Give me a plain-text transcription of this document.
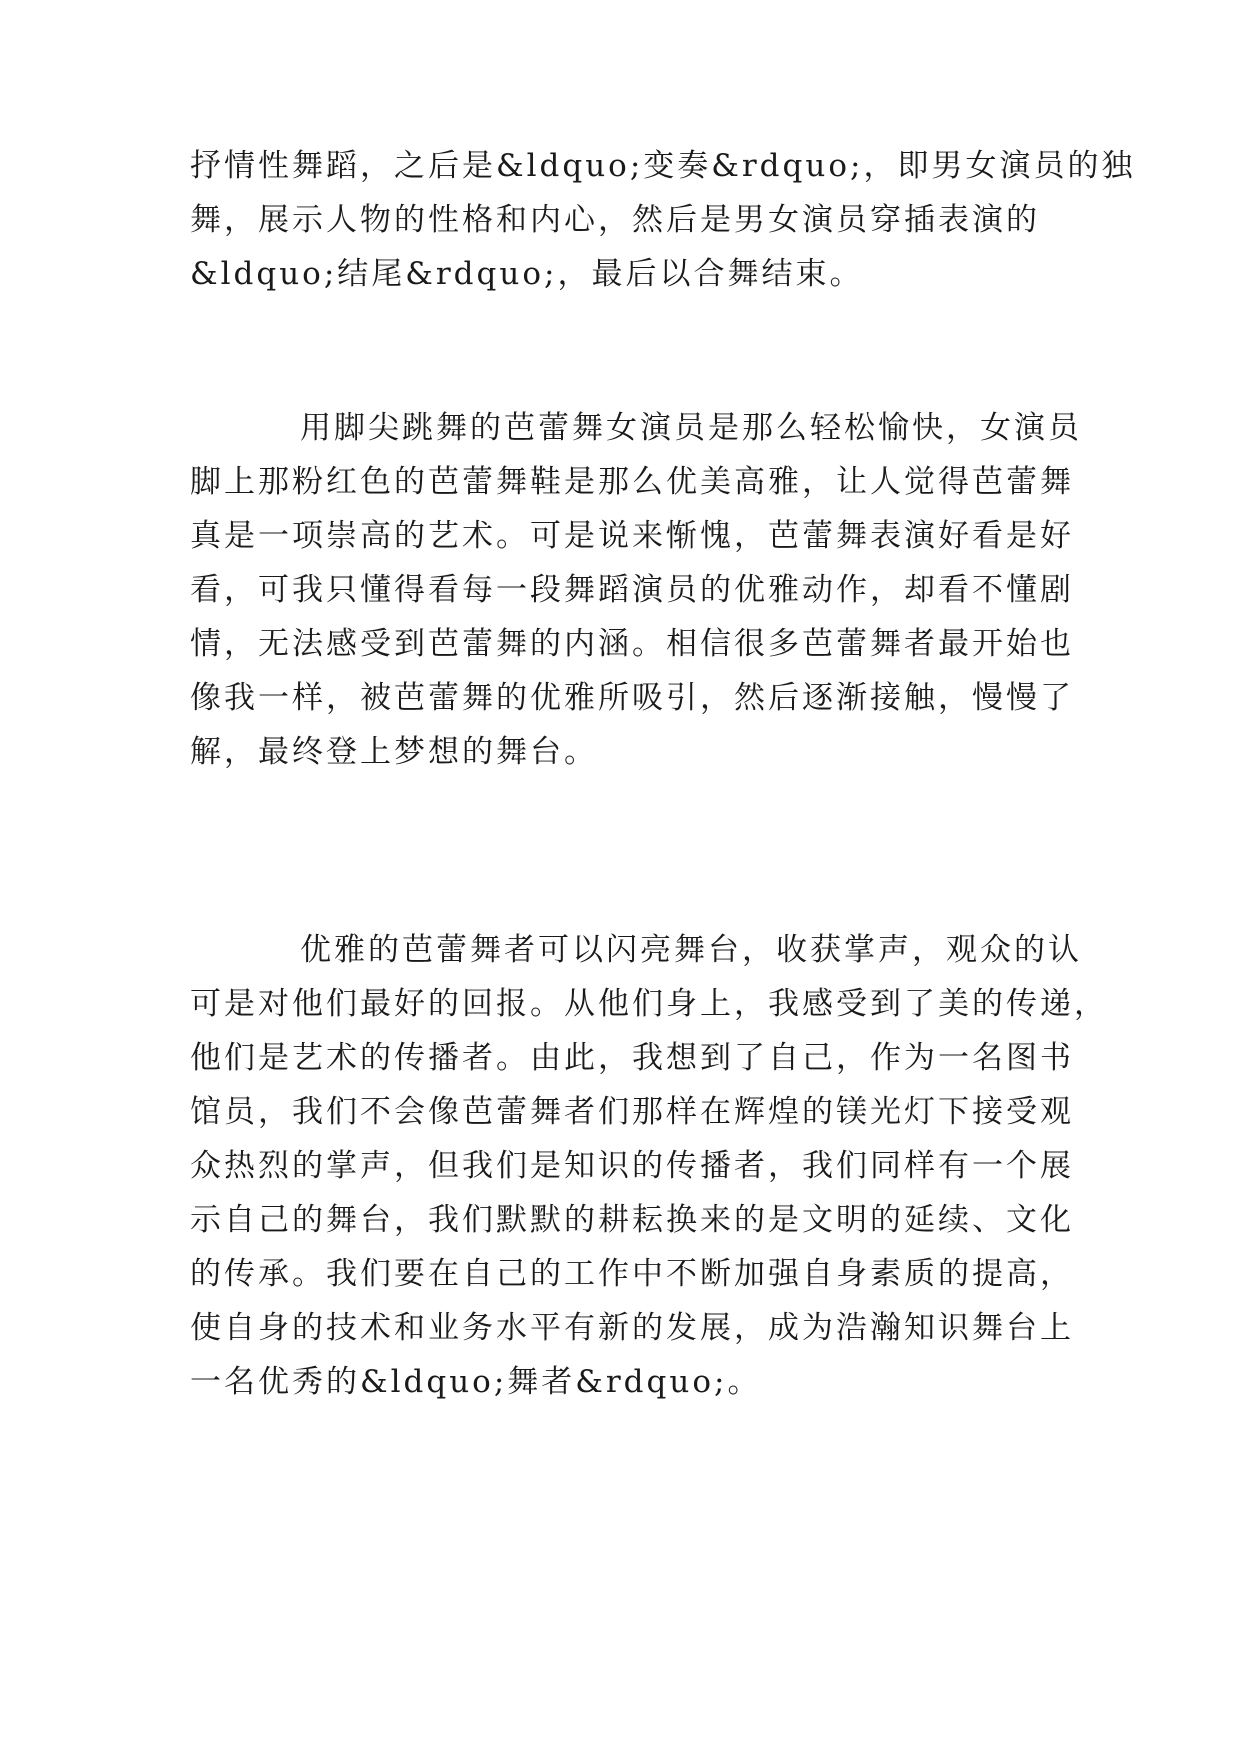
抒情性舞蹈，之后是&ldquo;变奏&rdquo;，即男女演员的独
舞，展示人物的性格和内心，然后是男女演员穿插表演的
&ldquo;结尾&rdquo;，最后以合舞结束。
用脚尖跳舞的芭蕾舞女演员是那么轻松愉快，女演员
脚上那粉红色的芭蕾舞鞋是那么优美高雅，让人觉得芭蕾舞
真是一项崇高的艺术。可是说来惭愧，芭蕾舞表演好看是好
看，可我只懂得看每一段舞蹈演员的优雅动作，却看不懂剧
情，无法感受到芭蕾舞的内涵。相信很多芭蕾舞者最开始也
像我一样，被芭蕾舞的优雅所吸引，然后逐渐接触，慢慢了
解，最终登上梦想的舞台。
优雅的芭蕾舞者可以闪亮舞台，收获掌声，观众的认
可是对他们最好的回报。从他们身上，我感受到了美的传递，
他们是艺术的传播者。由此，我想到了自己，作为一名图书
馆员，我们不会像芭蕾舞者们那样在辉煌的镁光灯下接受观
众热烈的掌声，但我们是知识的传播者，我们同样有一个展
示自己的舞台，我们默默的耕耘换来的是文明的延续、文化
的传承。我们要在自己的工作中不断加强自身素质的提高，
使自身的技术和业务水平有新的发展，成为浩瀚知识舞台上
一名优秀的&ldquo;舞者&rdquo;。
